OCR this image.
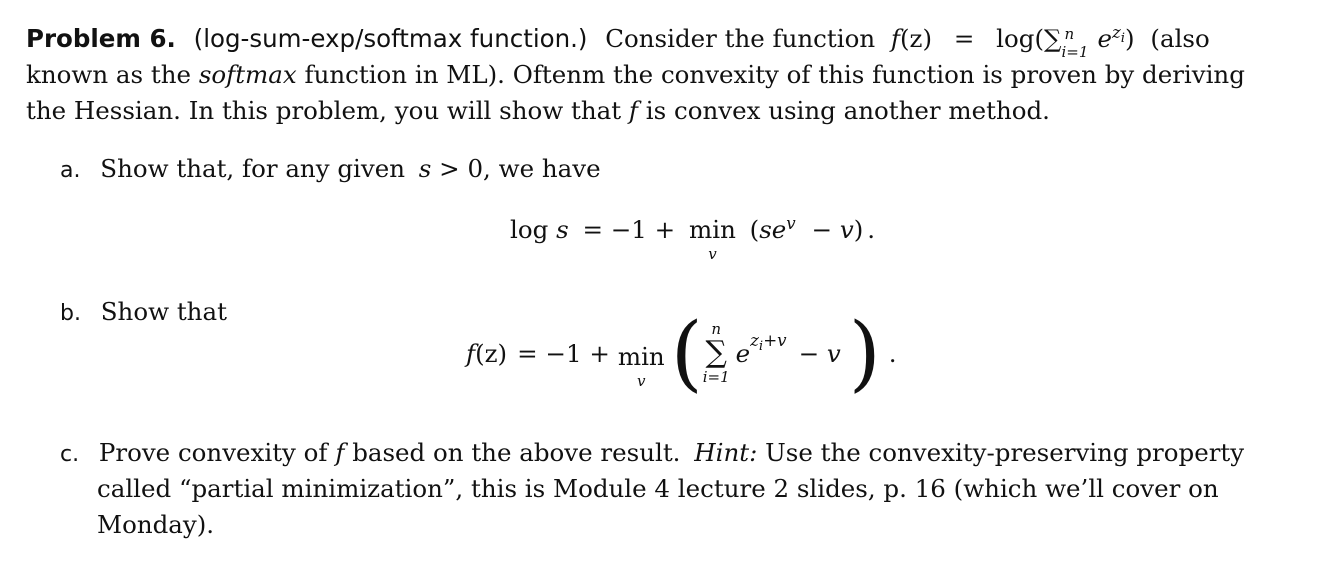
Problem 6. (log-sum-exp/softmax function.) Consider the function f(z) = log(∑ n
i=1 $e^{z_i}$) (also
known as the softmax function in ML). Oftenm the convexity of this function is proven by deriving
the Hessian. In this problem, you will show that f is convex using another method.
a. Show that, for any given s > 0, we have
log s = −1 + min
v
$(se^v - v)$ .
b. Show that
f (z) = −1 + min
v ( n
∑
i=1
e $z_i+v - v$ ) .
c. Prove convexity of f based on the above result. Hint: Use the convexity-preserving property
called “partial minimization”, this is Module 4 lecture 2 slides, p. 16 (which we’ll cover on
Monday).
